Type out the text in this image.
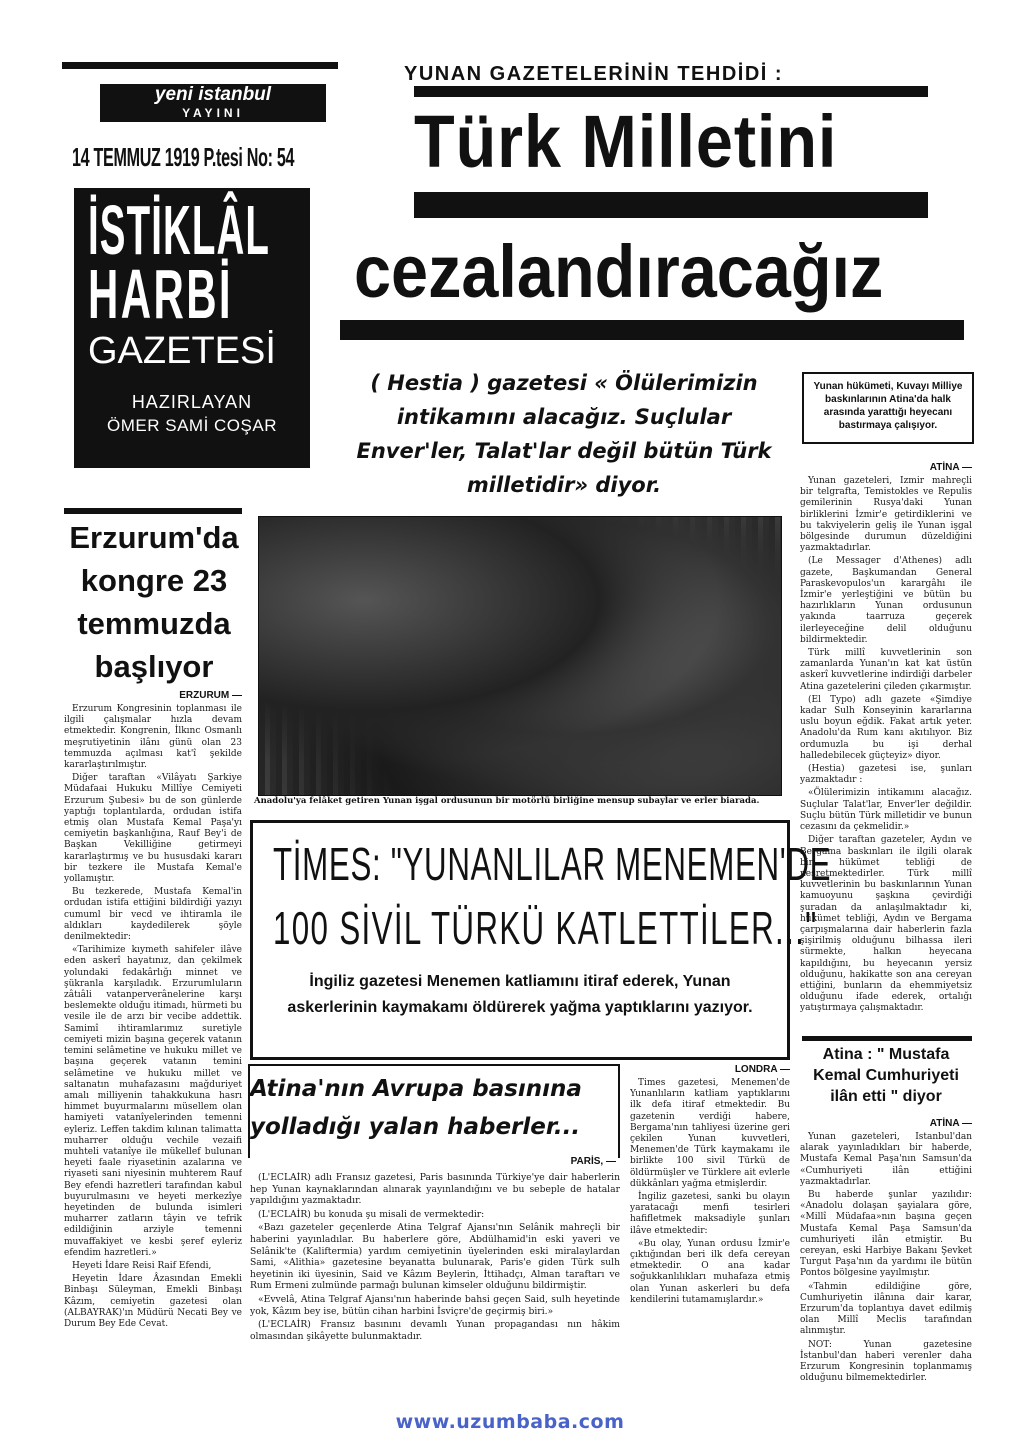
yeni istanbul
YAYINI
14 TEMMUZ 1919 P.tesi No: 54
İSTİKLÂL
HARBİ
GAZETESİ
HAZIRLAYAN
ÖMER SAMİ COŞAR
YUNAN GAZETELERİNİN TEHDİDİ :
Türk Milletini
cezalandıracağız
( Hestia ) gazetesi « Ölülerimizin intikamını alacağız. Suçlular Enver'ler, Talat'lar değil bütün Türk milletidir» diyor.
Erzurum'da kongre 23 temmuzda başlıyor
ERZURUM —

Erzurum Kongresinin toplanması ile ilgili çalışmalar hızla devam etmektedir. Kongrenin, İlkınc Osmanlı meşrutiyetinin ilânı günü olan 23 temmuzda açılması kat'î şekilde kararlaştırılmıştır.

Diğer taraftan «Vilâyatı Şarkiye Müdafaai Hukuku Millîye Cemiyeti Erzurum Şubesi» bu de son günlerde yaptığı toplantılarda, ordudan istifa etmiş olan Mustafa Kemal Paşa'yı cemiyetin başkanlığına, Rauf Bey'i de Başkan Vekilliğine getirmeyi kararlaştırmış ve bu hususdaki kararı bir tezkere ile Mustafa Kemal'e yollamıştır.

Bu tezkerede, Mustafa Kemal'in ordudan istifa ettiğini bildirdiği yazıyı cumuml bir vecd ve ihtiramla ile aldıkları kaydedilerek şöyle denilmektedir:

«Tarihimize kıymeth sahifeler ilâve eden askerî hayatınız, dan çekilmek yolundaki fedakârlığı minnet ve şükranla karşıladık. Erzurumluların zâtıâli vatanperverânelerine karşı beslemekte olduğu itimadı, hürmeti bu vesile ile de arzı bir vecibe addettik. Samimî ihtiramlarımız suretiyle cemiyeti mizin başına geçerek vatanın temini selâmetine ve hukuku millet ve başına geçerek vatanın temini selâmetine ve hukuku millet ve saltanatın muhafazasını mağduriyet amalı milliyenin tahakkukuna hasrı himmet buyurmalarını müsellem olan hamiyeti vatanîyelerinden temenni eyleriz. Leffen takdim kılınan talimatta muharrer olduğu vechile vezaifi muhteli vatanîye ile mükellef bulunan heyeti faale riyasetinin azalarına ve riyaseti sani niyesinin muhterem Rauf Bey efendi hazretleri tarafından kabul buyurulmasını ve heyeti merkezîye heyetinden de bulunda isimleri muharrer zatların tâyin ve tefrik edildiğinin arziyle temenni muvaffakiyet ve kesbi şeref eyleriz efendim hazretleri.»

Heyeti İdare Reisi Raif Efendi,

Heyetin İdare Âzasından Emekli Binbaşı Süleyman, Emekli Binbaşı Kâzım, cemiyetin gazetesi olan (ALBAYRAK)'ın Müdürü Necati Bey ve Durum Bey Ede Cevat.

Anadolu'ya felâket getiren Yunan işgal ordusunun bir motörlü birliğine mensup subaylar ve erler biarada.
Yunan hükümeti, Kuvayı Milliye baskınlarının Atina'da halk arasında yarattığı heyecanı bastırmaya çalışıyor.
ATİNA —

Yunan gazeteleri, İzmir mahreçli bir telgrafta, Temistokles ve Repulis gemilerinin Rusya'daki Yunan birliklerini İzmir'e getirdiklerini ve bu takviyelerin geliş ile Yunan işgal bölgesinde durumun düzeldiğini yazmaktadırlar.

(Le Messager d'Athenes) adlı gazete, Başkumandan General Paraskevopulos'un karargâhı ile İzmir'e yerleştiğini ve bütün bu hazırlıkların Yunan ordusunun yakında taarruza geçerek ilerleyeceğine delil olduğunu bildirmektedir.

Türk millî kuvvetlerinin son zamanlarda Yunan'ın kat kat üstün askerî kuvvetlerine indirdiği darbeler Atina gazetelerini çileden çıkarmıştır.

(El Typo) adlı gazete «Şimdiye kadar Sulh Konseyinin kararlarına uslu boyun eğdik. Fakat artık yeter. Anadolu'da Rum kanı akıtılıyor. Biz ordumuzla bu işi derhal halledebilecek güçteyiz» diyor.

(Hestia) gazetesi ise, şunları yazmaktadır :

«Ölülerimizin intikamını alacağız. Suçlular Talat'lar, Enver'ler değildir. Suçlu bütün Türk milletidir ve bunun cezasını da çekmelidir.»

Diğer taraftan gazeteler, Aydın ve Bergama baskınları ile ilgili olarak bir hükümet tebliği de neşretmektedirler. Türk millî kuvvetlerinin bu baskınlarının Yunan kamuoyunu şaşkına çevirdiği şuradan da anlaşılmaktadır ki, hükümet tebliği, Aydın ve Bergama çarpışmalarına dair haberlerin fazla şişirilmiş olduğunu bilhassa ileri sürmekte, halkın heyecana kapıldığını, bu heyecanın yersiz olduğunu, hakikatte son ana cereyan ettiğini, bunların da ehemmiyetsiz olduğunu ifade ederek, ortalığı yatıştırmaya çalışmaktadır.

Atina : " Mustafa Kemal Cumhuriyeti ilân etti " diyor
ATİNA —

Yunan gazeteleri, İstanbul'dan alarak yayınladıkları bir haberde, Mustafa Kemal Paşa'nın Samsun'da «Cumhuriyeti ilân ettiğini yazmaktadırlar.

Bu haberde şunlar yazılıdır: «Anadolu dolaşan şayialara göre, «Millî Müdafaa»nın başına geçen Mustafa Kemal Paşa Samsun'da cumhuriyeti ilân etmiştir. Bu cereyan, eski Harbiye Bakanı Şevket Turgut Paşa'nın da yardımı ile bütün Pontos bölgesine yayılmıştır.

«Tahmin edildiğine göre, Cumhuriyetin ilânına dair karar, Erzurum'da toplantıya davet edilmiş olan Millî Meclis tarafından alınmıştır.

NOT: Yunan gazetesine İstanbul'dan haberi verenler daha Erzurum Kongresinin toplanmamış olduğunu bilmemektedirler.

TİMES: "YUNANLILAR MENEMEN'DE
100 SİVİL TÜRKÜ KATLETTİLER..."
İngiliz gazetesi Menemen katliamını itiraf ederek, Yunan askerlerinin kaymakamı öldürerek yağma yaptıklarını yazıyor.
LONDRA —

Times gazetesi, Menemen'de Yunanlıların katliam yaptıklarını ilk defa itiraf etmektedir. Bu gazetenin verdiği habere, Bergama'nın tahliyesi üzerine geri çekilen Yunan kuvvetleri, Menemen'de Türk kaymakamı ile birlikte 100 sivil Türkü de öldürmüşler ve Türklere ait evlerle dükkânları yağma etmişlerdir.

İngiliz gazetesi, sanki bu olayın yaratacağı menfi tesirleri hafifletmek maksadiyle şunları ilâve etmektedir:

«Bu olay, Yunan ordusu İzmir'e çıktığından beri ilk defa cereyan etmektedir. O ana kadar soğukkanlılıkları muhafaza etmiş olan Yunan askerleri bu defa kendilerini tutamamışlardır.»

Atina'nın Avrupa basınına yolladığı yalan haberler...
PARİS, —

(L'ECLAİR) adlı Fransız gazetesi, Paris basınında Türkiye'ye dair haberlerin hep Yunan kaynaklarından alınarak yayınlandığını ve bu sebeple de hatalar yapıldığını yazmaktadır.

(L'ECLAİR) bu konuda şu misali de vermektedir:

«Bazı gazeteler geçenlerde Atina Telgraf Ajansı'nın Selânik mahreçli bir haberini yayınladılar. Bu haberlere göre, Abdülhamid'in eski yaveri ve Selânik'te (Kaliftermia) yardım cemiyetinin üyelerinden eski miralaylardan Sami, «Alithia» gazetesine beyanatta bulunarak, Paris'e giden Türk sulh heyetinin iki üyesinin, Said ve Kâzım Beylerin, İttihadçı, Alman taraftarı ve Rum Ermeni zulmünde parmağı bulunan kimseler olduğunu bildirmiştir.

«Evvelâ, Atina Telgraf Ajansı'nın haberinde bahsi geçen Said, sulh heyetinde yok, Kâzım bey ise, bütün cihan harbini İsviçre'de geçirmiş biri.»

(L'ECLAİR) Fransız basınını devamlı Yunan propagandası nın hâkim olmasından şikâyette bulunmaktadır.

www.uzumbaba.com
